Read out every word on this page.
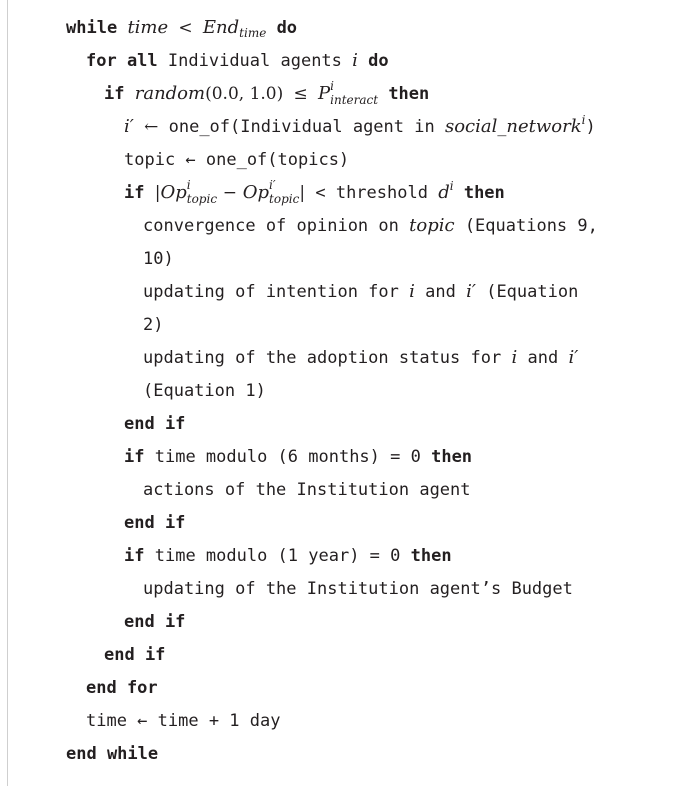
while time < End$_{time}$ do
for all Individual agents i do
if random(0.0, 1.0) ≤ P i
$_{interact}$ then
i′ ← one_of(Individual agent in social_network$^i$)
topic ← one_of(topics)
if |Op i
$_{topic}$ − Op i′
$_{topic}$| < threshold $d^i$ then
convergence of opinion on topic (Equations 9,
10)
updating of intention for i and i′ (Equation
2)
updating of the adoption status for i and i′
(Equation 1)
end if
if time modulo (6 months) = 0 then
actions of the Institution agent
end if
if time modulo (1 year) = 0 then
updating of the Institution agent’s Budget
end if
end if
end for
time ← time + 1 day
end while
